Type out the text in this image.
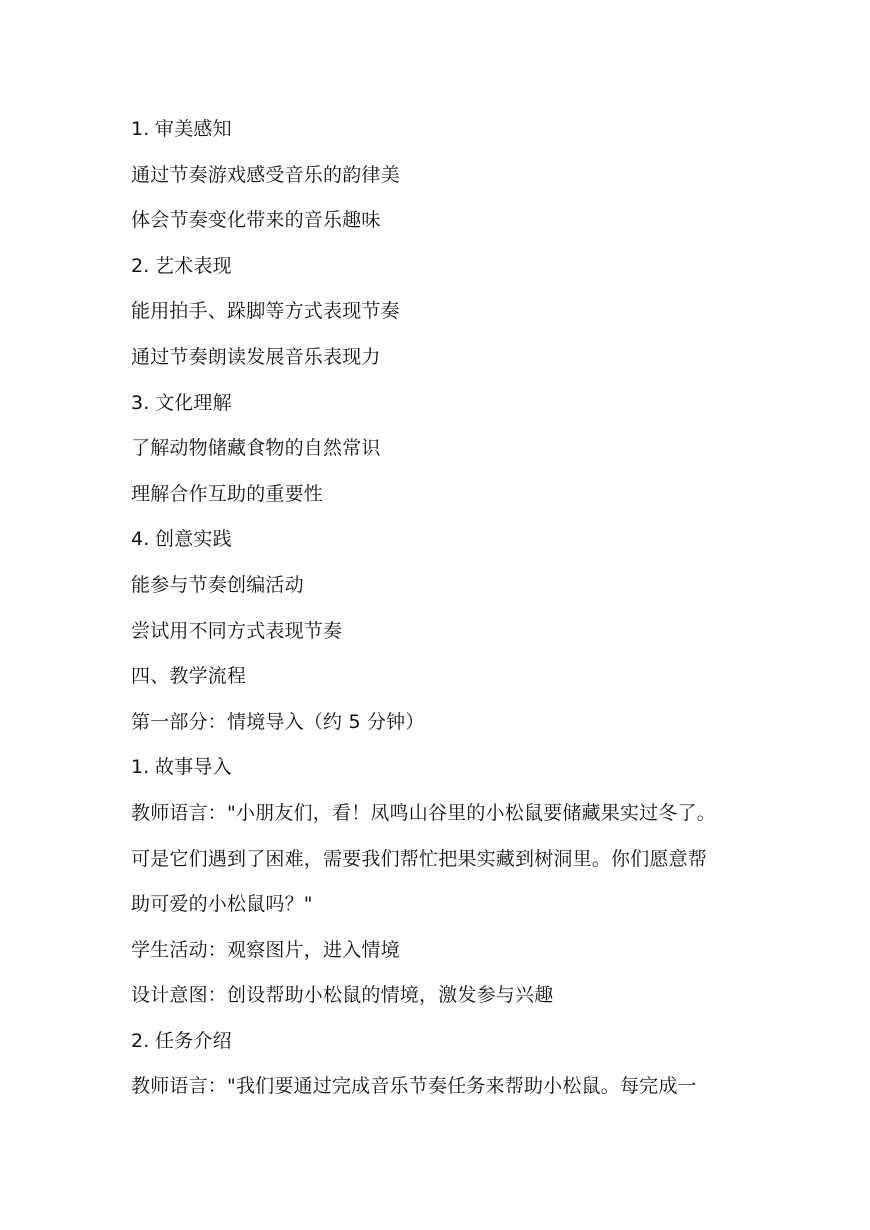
1. 审美感知
通过节奏游戏感受音乐的韵律美
体会节奏变化带来的音乐趣味
2. 艺术表现
能用拍手、跺脚等方式表现节奏
通过节奏朗读发展音乐表现力
3. 文化理解
了解动物储藏食物的自然常识
理解合作互助的重要性
4. 创意实践
能参与节奏创编活动
尝试用不同方式表现节奏
四、教学流程
第一部分：情境导入（约 5 分钟）
1. 故事导入
教师语言："小朋友们，看！凤鸣山谷里的小松鼠要储藏果实过冬了。
可是它们遇到了困难，需要我们帮忙把果实藏到树洞里。你们愿意帮
助可爱的小松鼠吗？"
学生活动：观察图片，进入情境
设计意图：创设帮助小松鼠的情境，激发参与兴趣
2. 任务介绍
教师语言："我们要通过完成音乐节奏任务来帮助小松鼠。每完成一
